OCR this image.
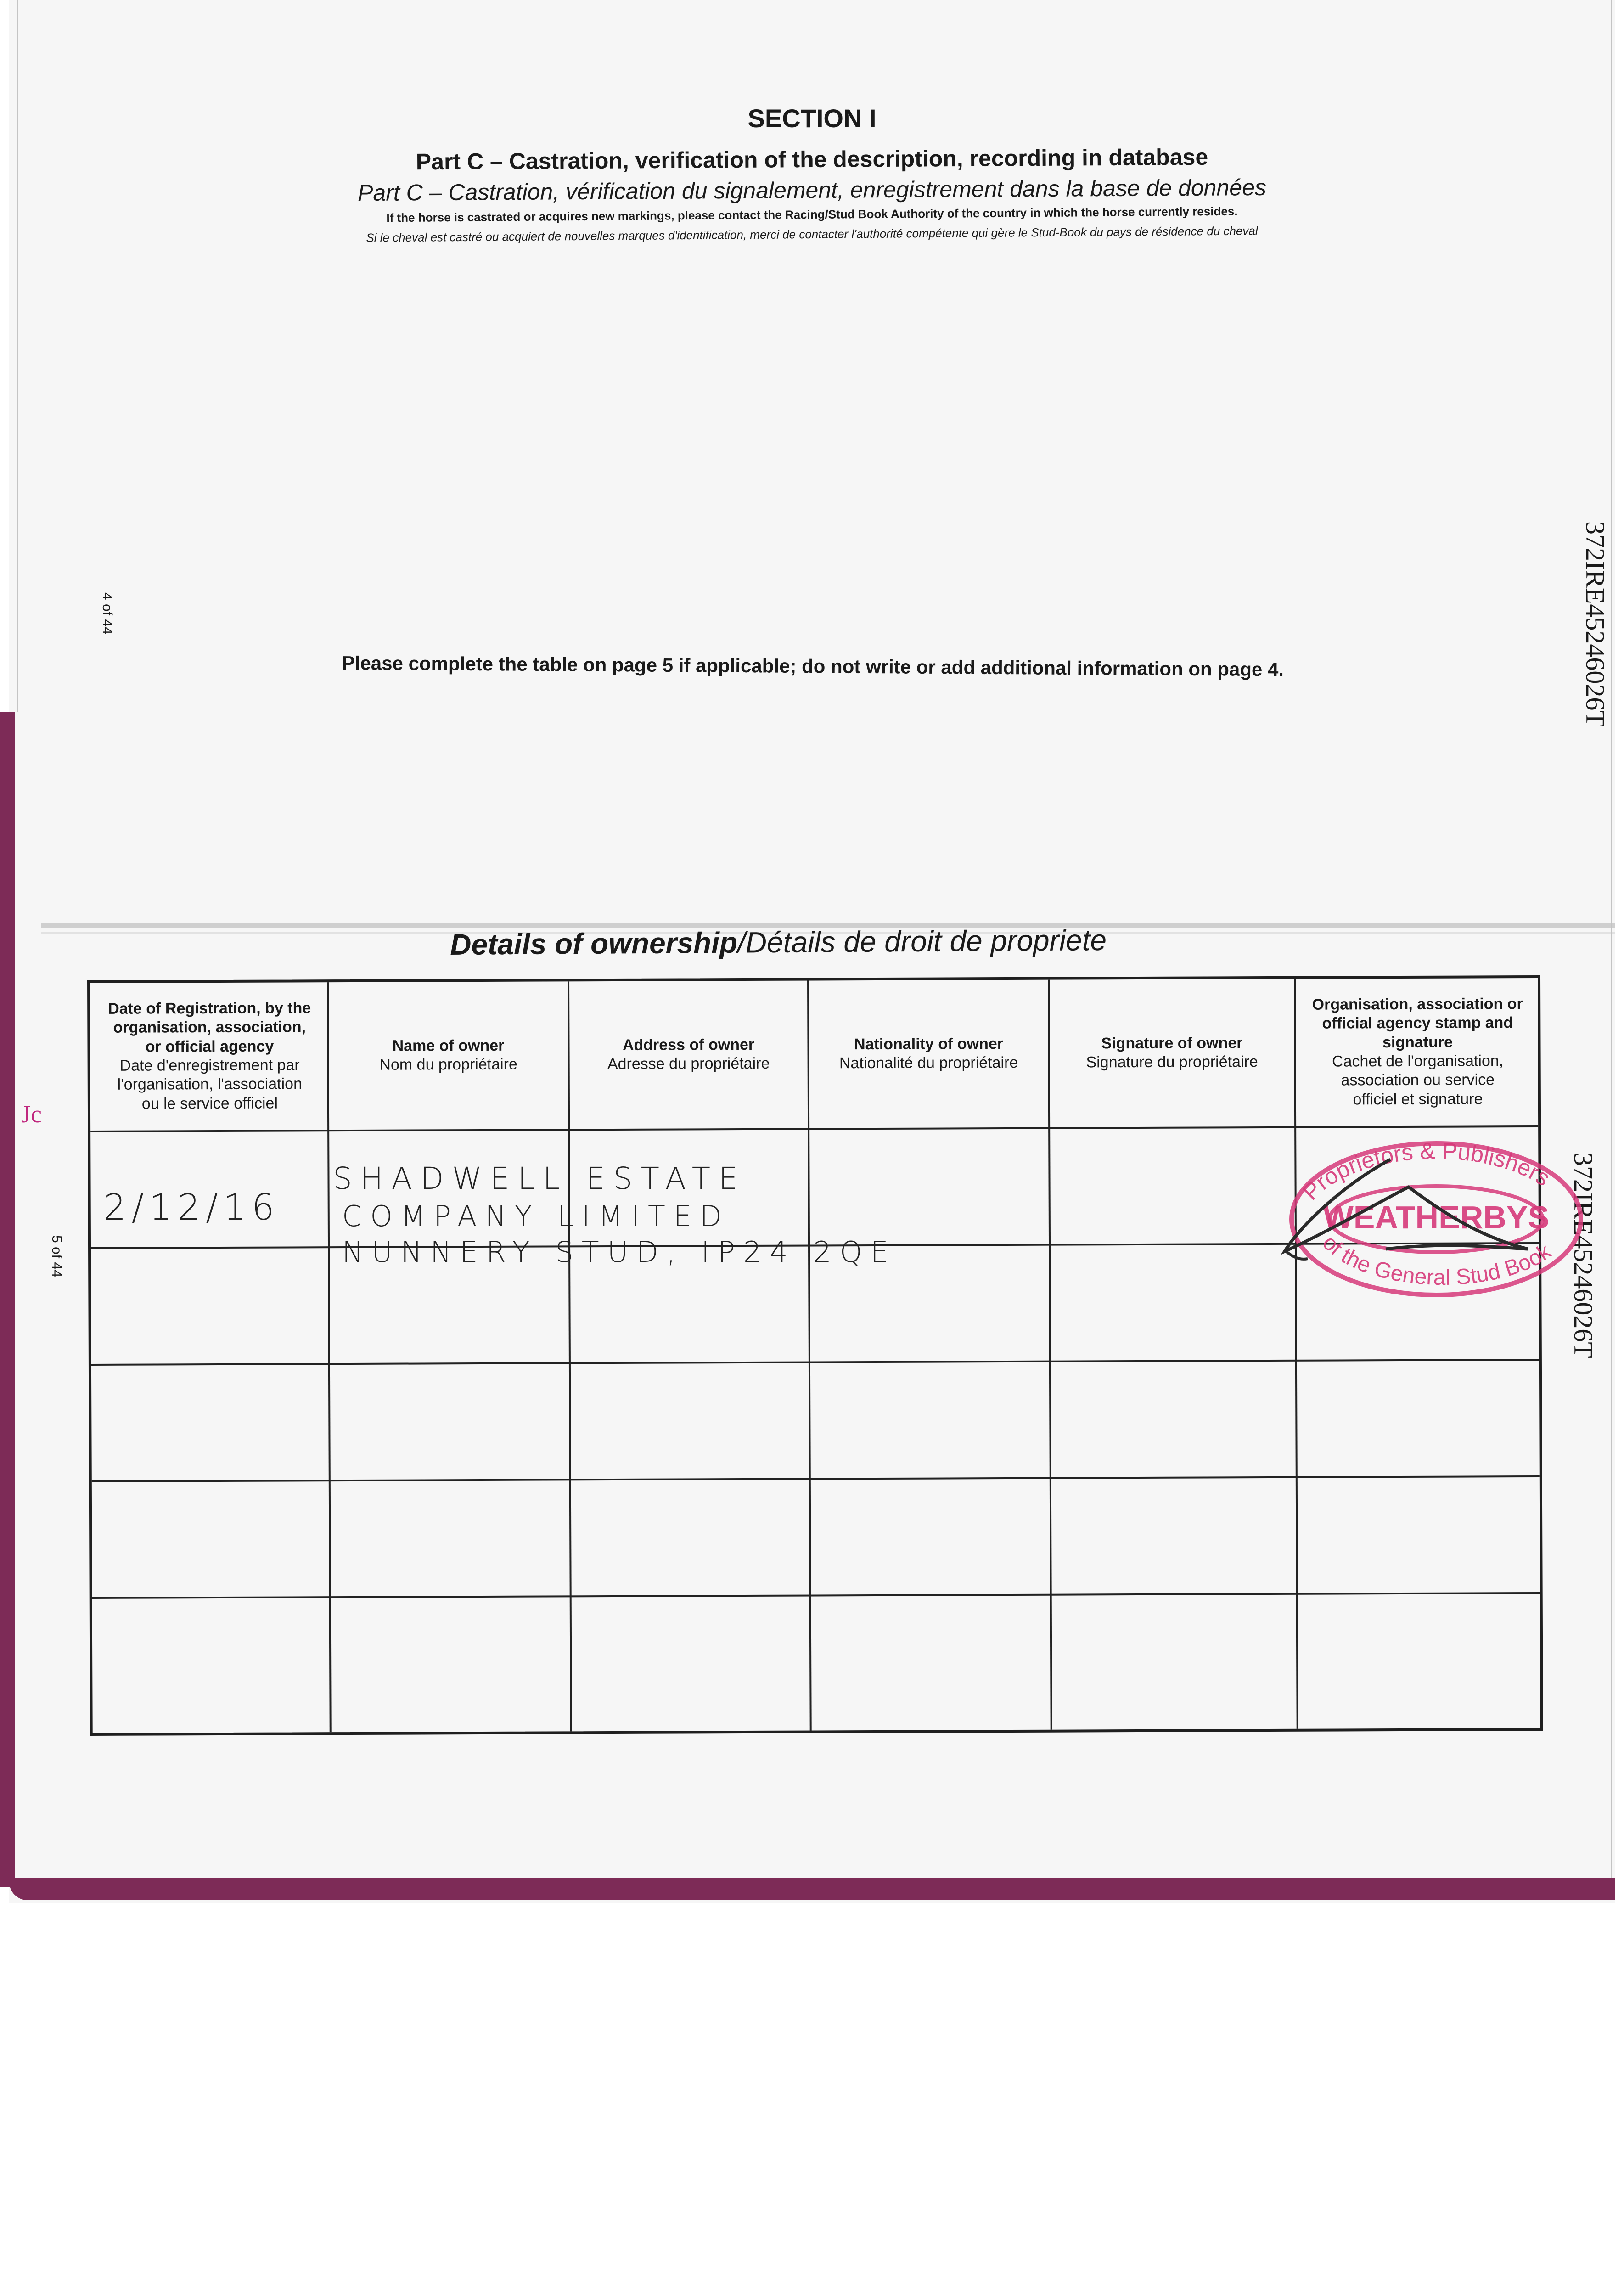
SECTION I
Part C – Castration, verification of the description, recording in database
Part C – Castration, vérification du signalement, enregistrement dans la base de données
If the horse is castrated or acquires new markings, please contact the Racing/Stud Book Authority of the country in which the horse currently resides.
Si le cheval est castré ou acquiert de nouvelles marques d'identification, merci de contacter l'authorité compétente qui gère le Stud-Book du pays de résidence du cheval
Please complete the table on page 5 if applicable; do not write or add additional information on page 4.
4 of 44	372IRE45246026T
Jc
5 of 44	372IRE45246026T
Details of ownership/Détails de droit de propriete
Date of Registration, by the
organisation, association,
or official agency
Date d'enregistrement par
l'organisation, l'association
ou le service officiel
Name of owner
Nom du propriétaire
Address of owner
Adresse du propriétaire
Nationality of owner
Nationalité du propriétaire
Signature of owner
Signature du propriétaire
Organisation, association or
official agency stamp and
signature
Cachet de l'organisation,
association ou service
officiel et signature
2/12/16
SHADWELL ESTATE
COMPANY LIMITED
NUNNERY STUD, IP24 2QE
Proprietors & Publishers
WEATHERBYS
of the General Stud Book
